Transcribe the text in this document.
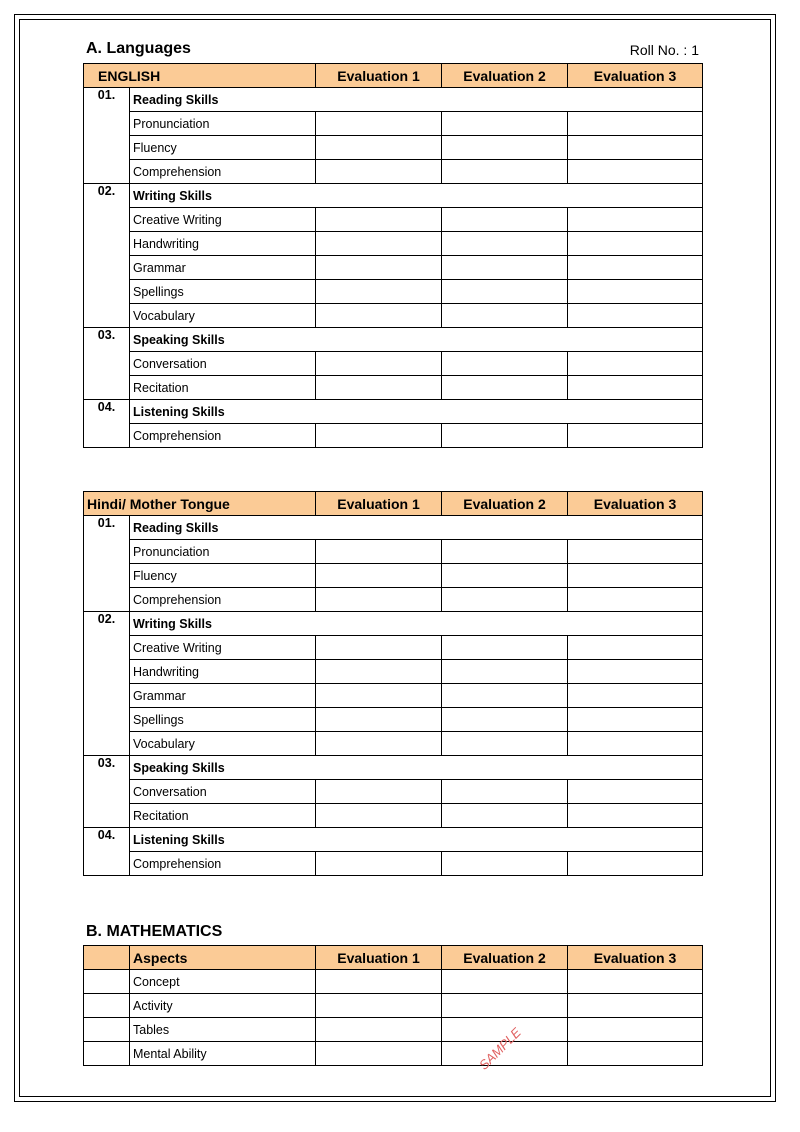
A. Languages	Roll No. : 1
ENGLISH		Evaluation 1	Evaluation 2	Evaluation 3
01.	Reading Skills			
	Pronunciation			
	Fluency			
	Comprehension			
02.	Writing Skills			
	Creative Writing			
	Handwriting			
	Grammar			
	Spellings			
	Vocabulary			
03.	Speaking Skills			
	Conversation			
	Recitation			
04.	Listening Skills			
	Comprehension			
Hindi/ Mother Tongue		Evaluation 1	Evaluation 2	Evaluation 3
01.	Reading Skills			
	Pronunciation			
	Fluency			
	Comprehension			
02.	Writing Skills			
	Creative Writing			
	Handwriting			
	Grammar			
	Spellings			
	Vocabulary			
03.	Speaking Skills			
	Conversation			
	Recitation			
04.	Listening Skills			
	Comprehension			
B. MATHEMATICS
	Aspects	Evaluation 1	Evaluation 2	Evaluation 3
	Concept			
	Activity			
	Tables			
	Mental Ability				SAMPLE
